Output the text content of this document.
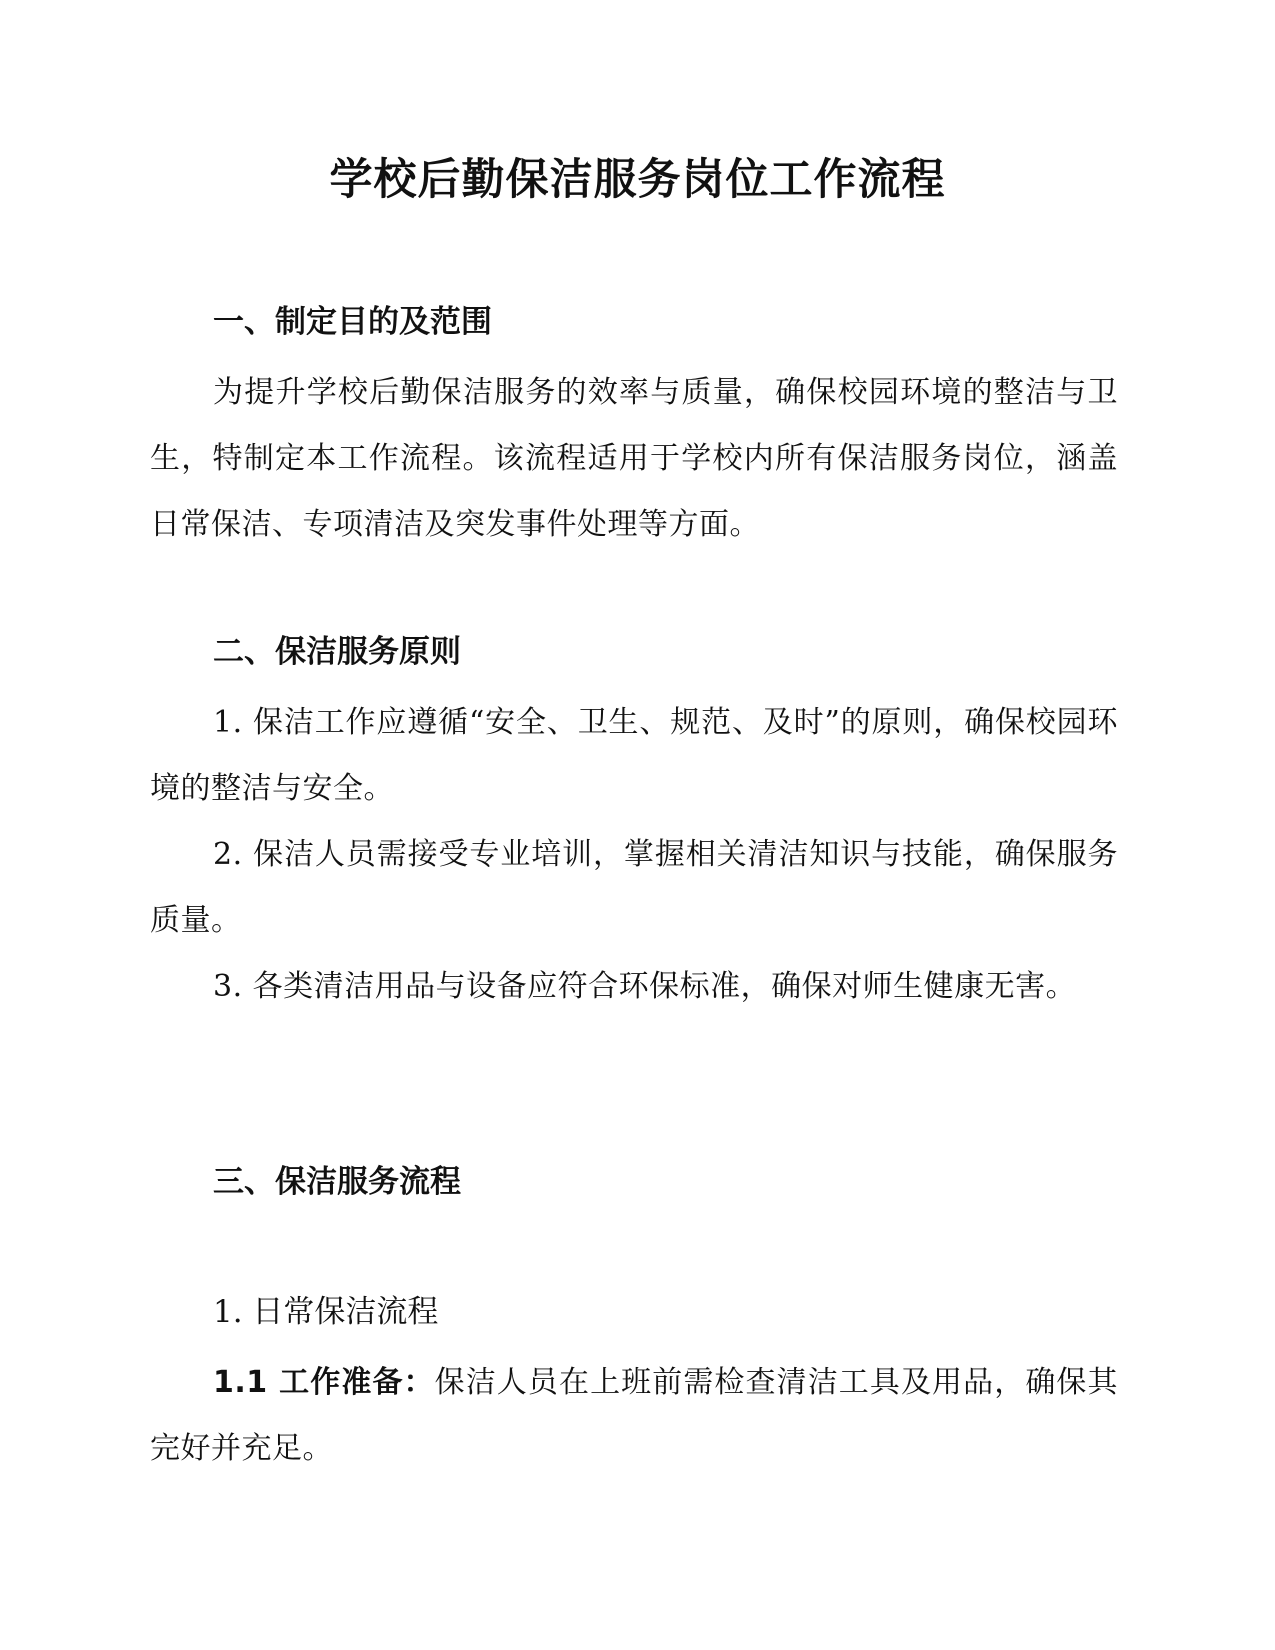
学校后勤保洁服务岗位工作流程
一、制定目的及范围

为提升学校后勤保洁服务的效率与质量，确保校园环境的整洁与卫生，特制定本工作流程。该流程适用于学校内所有保洁服务岗位，涵盖日常保洁、专项清洁及突发事件处理等方面。

二、保洁服务原则

1. 保洁工作应遵循“安全、卫生、规范、及时”的原则，确保校园环境的整洁与安全。

2. 保洁人员需接受专业培训，掌握相关清洁知识与技能，确保服务质量。

3. 各类清洁用品与设备应符合环保标准，确保对师生健康无害。

三、保洁服务流程
1. 日常保洁流程

1.1 工作准备：保洁人员在上班前需检查清洁工具及用品，确保其完好并充足。
